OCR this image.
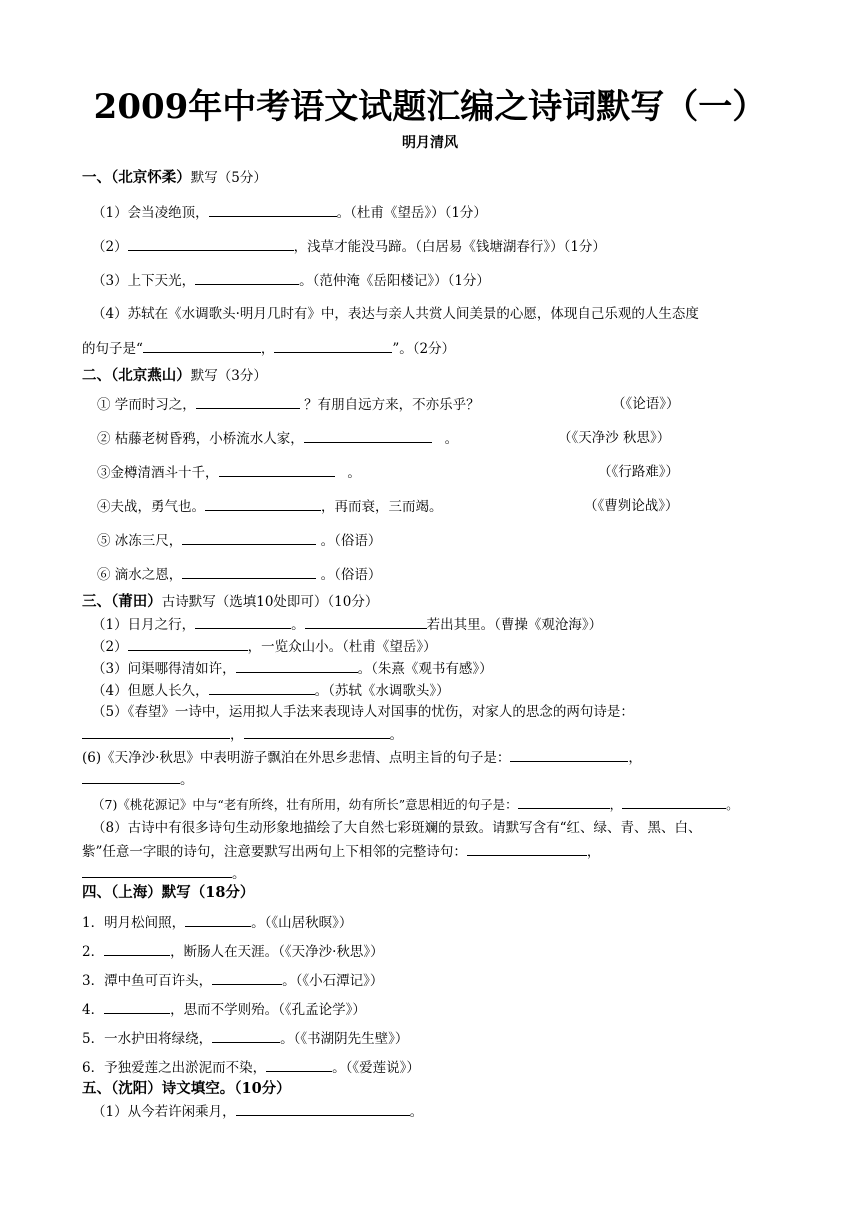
2009年中考语文试题汇编之诗词默写（一）
明月清风
一、（北京怀柔）默写（5分）
（1）会当凌绝顶，	。（杜甫《望岳》）（1分）
（2）	，浅草才能没马蹄。（白居易《钱塘湖春行》）（1分）
（3）上下天光，	。（范仲淹《岳阳楼记》）（1分）
（4）苏轼在《水调歌头·明月几时有》中，表达与亲人共赏人间美景的心愿，体现自己乐观的人生态度
的句子是“	，	”。（2分）
二、（北京燕山）默写（3分）
① 学而时习之，	？有朋自远方来，不亦乐乎？	（《论语》）
② 枯藤老树昏鸦，小桥流水人家，	。	（《天净沙 秋思》）
③金樽清酒斗十千，	。	（《行路难》）
④夫战，勇气也。	，再而衰，三而竭。	（《曹刿论战》）
⑤ 冰冻三尺，	。（俗语）
⑥ 滴水之恩，	。（俗语）
三、（莆田）古诗默写（选填10处即可）（10分）
（1）日月之行，	。	若出其里。（曹操《观沧海》）
（2）	，一览众山小。（杜甫《望岳》）
（3）问渠哪得清如许，	。（朱熹《观书有感》）
（4）但愿人长久，	。（苏轼《水调歌头》）
（5）《春望》一诗中，运用拟人手法来表现诗人对国事的忧伤，对家人的思念的两句诗是：
，	。
(6)《天净沙·秋思》中表明游子飘泊在外思乡悲情、点明主旨的句子是：	，
。
（7)《桃花源记》中与“老有所终，壮有所用，幼有所长”意思相近的句子是：	，	。
（8）古诗中有很多诗句生动形象地描绘了大自然七彩斑斓的景致。请默写含有“红、绿、青、黑、白、
紫”任意一字眼的诗句，注意要默写出两句上下相邻的完整诗句：	，
。
四、（上海）默写（18分）
1．明月松间照，	。（《山居秋暝》）
2．	，断肠人在天涯。（《天净沙·秋思》）
3．潭中鱼可百许头，	。（《小石潭记》）
4．	，思而不学则殆。（《孔孟论学》）
5．一水护田将绿绕，	。（《书湖阴先生壁》）
6．予独爱莲之出淤泥而不染，	。（《爱莲说》）
五、（沈阳）诗文填空。（10分）
（1）从今若许闲乘月，	。
